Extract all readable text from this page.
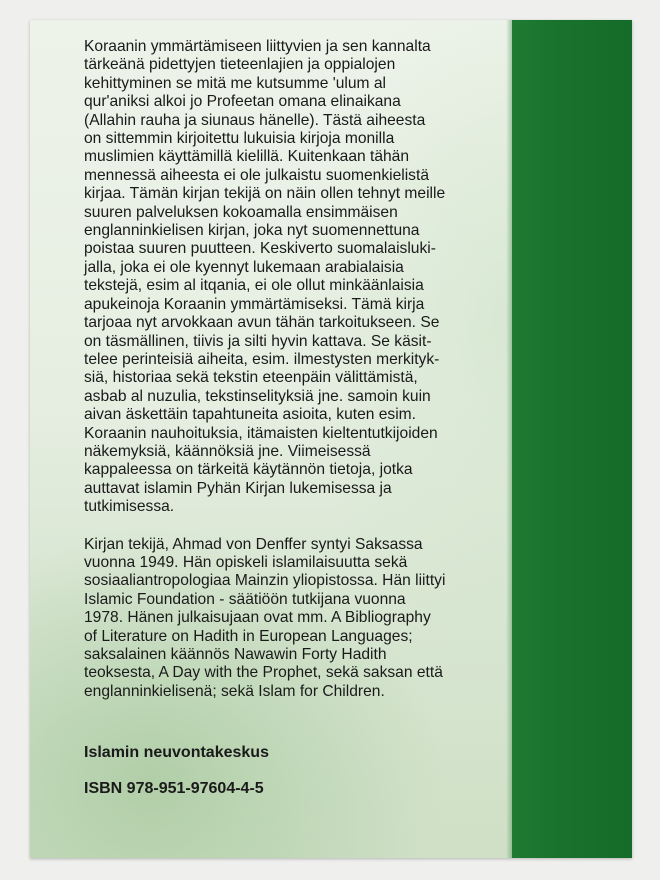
Koraanin ymmärtämiseen liittyvien ja sen kannalta
tärkeänä pidettyjen tieteenlajien ja oppialojen
kehittyminen se mitä me kutsumme 'ulum al
qur'aniksi alkoi jo Profeetan omana elinaikana
(Allahin rauha ja siunaus hänelle). Tästä aiheesta
on sittemmin kirjoitettu lukuisia kirjoja monilla
muslimien käyttämillä kielillä. Kuitenkaan tähän
mennessä aiheesta ei ole julkaistu suomenkielistä
kirjaa. Tämän kirjan tekijä on näin ollen tehnyt meille
suuren palveluksen kokoamalla ensimmäisen
englanninkielisen kirjan, joka nyt suomennettuna
poistaa suuren puutteen. Keskiverto suomalaisluki-
jalla, joka ei ole kyennyt lukemaan arabialaisia
tekstejä, esim al itqania, ei ole ollut minkäänlaisia
apukeinoja Koraanin ymmärtämiseksi. Tämä kirja
tarjoaa nyt arvokkaan avun tähän tarkoitukseen. Se
on täsmällinen, tiivis ja silti hyvin kattava. Se käsit-
telee perinteisiä aiheita, esim. ilmestysten merkityk-
siä, historiaa sekä tekstin eteenpäin välittämistä,
asbab al nuzulia, tekstinselityksiä jne. samoin kuin
aivan äskettäin tapahtuneita asioita, kuten esim.
Koraanin nauhoituksia, itämaisten kieltentutkijoiden
näkemyksiä, käännöksiä jne. Viimeisessä
kappaleessa on tärkeitä käytännön tietoja, jotka
auttavat islamin Pyhän Kirjan lukemisessa ja
tutkimisessa.

Kirjan tekijä, Ahmad von Denffer syntyi Saksassa
vuonna 1949. Hän opiskeli islamilaisuutta sekä
sosiaaliantropologiaa Mainzin yliopistossa. Hän liittyi
Islamic Foundation - säätiöön tutkijana vuonna
1978. Hänen julkaisujaan ovat mm. A Bibliography
of Literature on Hadith in European Languages;
saksalainen käännös Nawawin Forty Hadith
teoksesta, A Day with the Prophet, sekä saksan että
englanninkielisenä; sekä Islam for Children.

Islamin neuvontakeskus
ISBN 978-951-97604-4-5
